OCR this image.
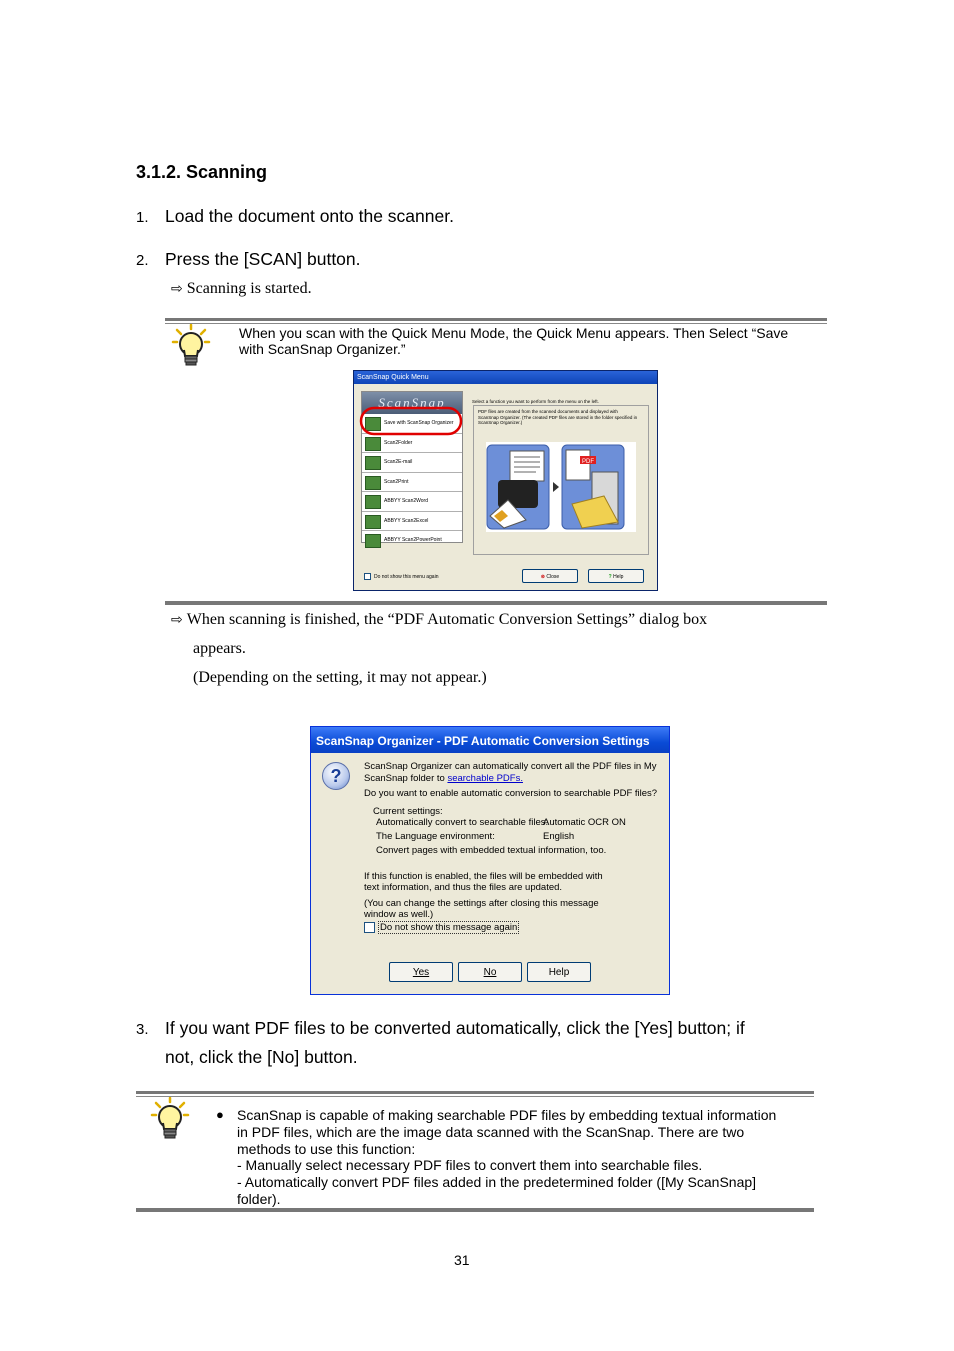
3.1.2. Scanning
1. Load the document onto the scanner.
2. Press the [SCAN] button.
⇨ Scanning is started.
When you scan with the Quick Menu Mode, the Quick Menu appears. Then Select “Save
with ScanSnap Organizer.”
ScanSnap Quick Menu
ScanSnap
Save with ScanSnap Organizer
Scan2Folder
Scan2E-mail
Scan2Print
ABBYY Scan2Word
ABBYY Scan2Excel
ABBYY Scan2PowerPoint
Select a function you want to perform from the menu on the left.
PDF files are created from the scanned documents and displayed with ScanSnap Organizer. (The created PDF files are stored in the folder specified in ScanSnap Organizer.)
PDF
Do not show this menu again	⊗ Close	? Help
⇨ When scanning is finished, the “PDF Automatic Conversion Settings” dialog box
appears.
(Depending on the setting, it may not appear.)
ScanSnap Organizer - PDF Automatic Conversion Settings
?	ScanSnap Organizer can automatically convert all the PDF files in My ScanSnap folder to searchable PDFs.

Do you want to enable automatic conversion to searchable PDF files?

Current settings:
Automatically convert to searchable files:
Automatic OCR ON
The Language environment:	English
Convert pages with embedded textual information, too.

If this function is enabled, the files will be embedded with text information, and thus the files are updated.

(You can change the settings after closing this message window as well.)

Do not show this message again
Yes	No	Help
3. If you want PDF files to be converted automatically, click the [Yes] button; if
not, click the [No] button.
● ScanSnap is capable of making searchable PDF files by embedding textual information
in PDF files, which are the image data scanned with the ScanSnap. There are two
methods to use this function:
- Manually select necessary PDF files to convert them into searchable files.
- Automatically convert PDF files added in the predetermined folder ([My ScanSnap]
folder).
31
